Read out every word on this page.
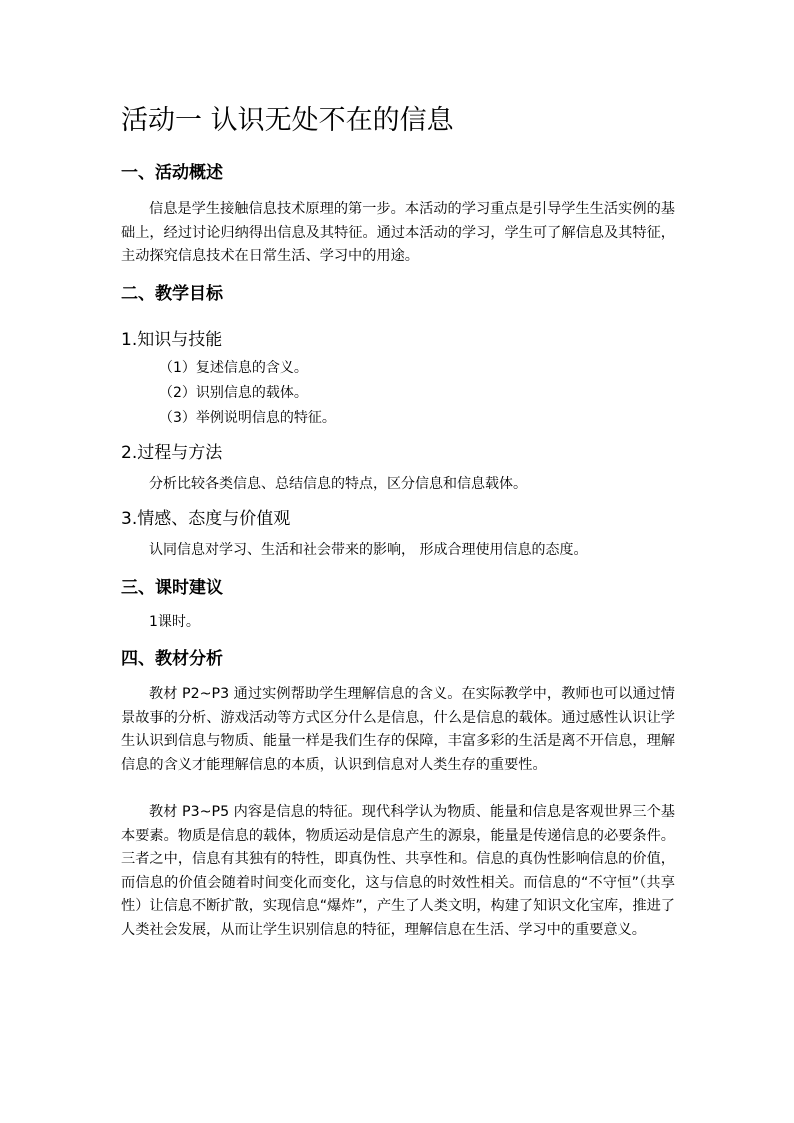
活动一 认识无处不在的信息
一、活动概述

信息是学生接触信息技术原理的第一步。本活动的学习重点是引导学生生活实例的基础上，经过讨论归纳得出信息及其特征。通过本活动的学习，学生可了解信息及其特征，主动探究信息技术在日常生活、学习中的用途。

二、教学目标
1.知识与技能

（1）复述信息的含义。

（2）识别信息的载体。

（3）举例说明信息的特征。

2.过程与方法

分析比较各类信息、总结信息的特点，区分信息和信息载体。

3.情感、态度与价值观

认同信息对学习、生活和社会带来的影响， 形成合理使用信息的态度。

三、课时建议

1课时。

四、教材分析

教材 P2~P3 通过实例帮助学生理解信息的含义。在实际教学中，教师也可以通过情景故事的分析、游戏活动等方式区分什么是信息，什么是信息的载体。通过感性认识让学生认识到信息与物质、能量一样是我们生存的保障，丰富多彩的生活是离不开信息，理解信息的含义才能理解信息的本质，认识到信息对人类生存的重要性。

教材 P3~P5 内容是信息的特征。现代科学认为物质、能量和信息是客观世界三个基本要素。物质是信息的载体，物质运动是信息产生的源泉，能量是传递信息的必要条件。三者之中，信息有其独有的特性，即真伪性、共享性和。信息的真伪性影响信息的价值，而信息的价值会随着时间变化而变化，这与信息的时效性相关。而信息的“不守恒”（共享性）让信息不断扩散，实现信息“爆炸”，产生了人类文明，构建了知识文化宝库，推进了人类社会发展，从而让学生识别信息的特征，理解信息在生活、学习中的重要意义。
